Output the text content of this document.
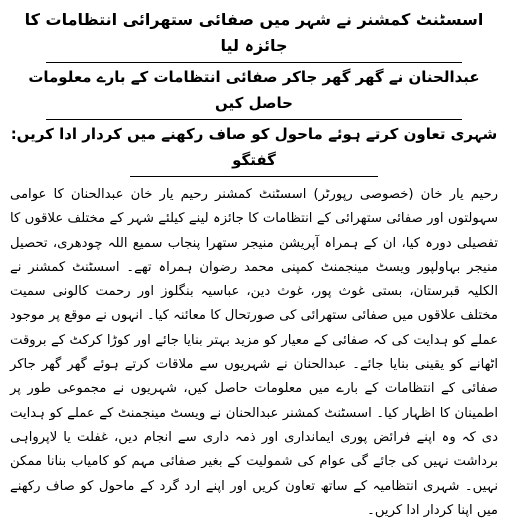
اسسٹنٹ کمشنر نے شہر میں صفائی ستھرائی انتظامات کا جائزہ لیا
عبدالحنان نے گھر گھر جاکر صفائی انتظامات کے بارے معلومات حاصل کیں
شہری تعاون کرتے ہوئے ماحول کو صاف رکھنے میں کردار ادا کریں: گفتگو

رحیم یار خان (خصوصی رپورٹر) اسسٹنٹ کمشنر رحیم یار خان عبدالحنان کا عوامی سہولتوں اور صفائی ستھرائی کے انتظامات کا جائزہ لینے کیلئے شہر کے مختلف علاقوں کا تفصیلی دورہ کیا، ان کے ہمراہ آپریشن منیجر ستھرا پنجاب سمیع اللہ چودھری، تحصیل منیجر بہاولپور ویسٹ مینجمنٹ کمپنی محمد رضوان ہمراہ تھے۔ اسسٹنٹ کمشنر نے الکلیہ قبرستان، بستی غوث پور، غوث دین، عباسیہ بنگلوز اور رحمت کالونی سمیت مختلف علاقوں میں صفائی ستھرائی کی صورتحال کا معائنہ کیا۔ انہوں نے موقع پر موجود عملے کو ہدایت کی کہ صفائی کے معیار کو مزید بہتر بنایا جائے اور کوڑا کرکٹ کے بروقت اٹھانے کو یقینی بنایا جائے۔ عبدالحنان نے شہریوں سے ملاقات کرتے ہوئے گھر گھر جاکر صفائی کے انتظامات کے بارے میں معلومات حاصل کیں، شہریوں نے مجموعی طور پر اطمینان کا اظہار کیا۔ اسسٹنٹ کمشنر عبدالحنان نے ویسٹ مینجمنٹ کے عملے کو ہدایت دی کہ وہ اپنے فرائض پوری ایمانداری اور ذمہ داری سے انجام دیں، غفلت یا لاپرواہی برداشت نہیں کی جائے گی عوام کی شمولیت کے بغیر صفائی مہم کو کامیاب بنانا ممکن نہیں۔ شہری انتظامیہ کے ساتھ تعاون کریں اور اپنے ارد گرد کے ماحول کو صاف رکھنے میں اپنا کردار ادا کریں۔
